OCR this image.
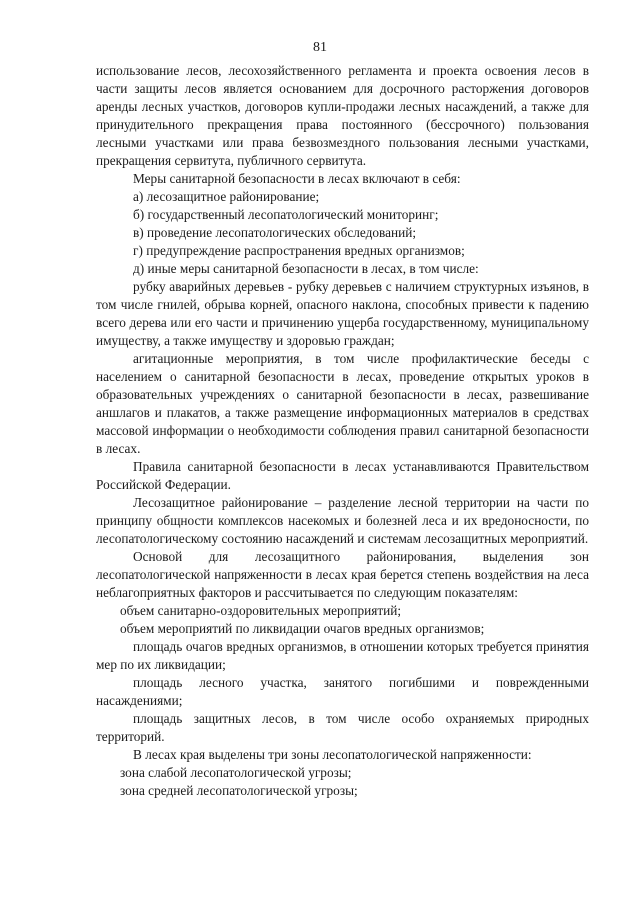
81

использование лесов, лесохозяйственного регламента и проекта освоения лесов в части защиты лесов является основанием для досрочного расторжения договоров аренды лесных участков, договоров купли-продажи лесных насаждений, а также для принудительного прекращения права постоянного (бессрочного) пользования лесными участками или права безвозмездного пользования лесными участками, прекращения сервитута, публичного сервитута.

Меры санитарной безопасности в лесах включают в себя:

а) лесозащитное районирование;

б) государственный лесопатологический мониторинг;

в) проведение лесопатологических обследований;

г) предупреждение распространения вредных организмов;

д) иные меры санитарной безопасности в лесах, в том числе:

рубку аварийных деревьев - рубку деревьев с наличием структурных изъянов, в том числе гнилей, обрыва корней, опасного наклона, способных привести к падению всего дерева или его части и причинению ущерба государственному, муниципальному имуществу, а также имуществу и здоровью граждан;

агитационные мероприятия, в том числе профилактические беседы с населением о санитарной безопасности в лесах, проведение открытых уроков в образовательных учреждениях о санитарной безопасности в лесах, развешивание аншлагов и плакатов, а также размещение информационных материалов в средствах массовой информации о необходимости соблюдения правил санитарной безопасности в лесах.

Правила санитарной безопасности в лесах устанавливаются Правительством Российской Федерации.

Лесозащитное районирование – разделение лесной территории на части по принципу общности комплексов насекомых и болезней леса и их вредоносности, по лесопатологическому состоянию насаждений и системам лесозащитных мероприятий.

Основой для лесозащитного районирования, выделения зон лесопатологической напряженности в лесах края берется степень воздействия на леса неблагоприятных факторов и рассчитывается по следующим показателям:

объем санитарно-оздоровительных мероприятий;

объем мероприятий по ликвидации очагов вредных организмов;

площадь очагов вредных организмов, в отношении которых требуется принятия мер по их ликвидации;

площадь лесного участка, занятого погибшими и поврежденными насаждениями;

площадь защитных лесов, в том числе особо охраняемых природных территорий.

В лесах края выделены три зоны лесопатологической напряженности:

зона слабой лесопатологической угрозы;

зона средней лесопатологической угрозы;
